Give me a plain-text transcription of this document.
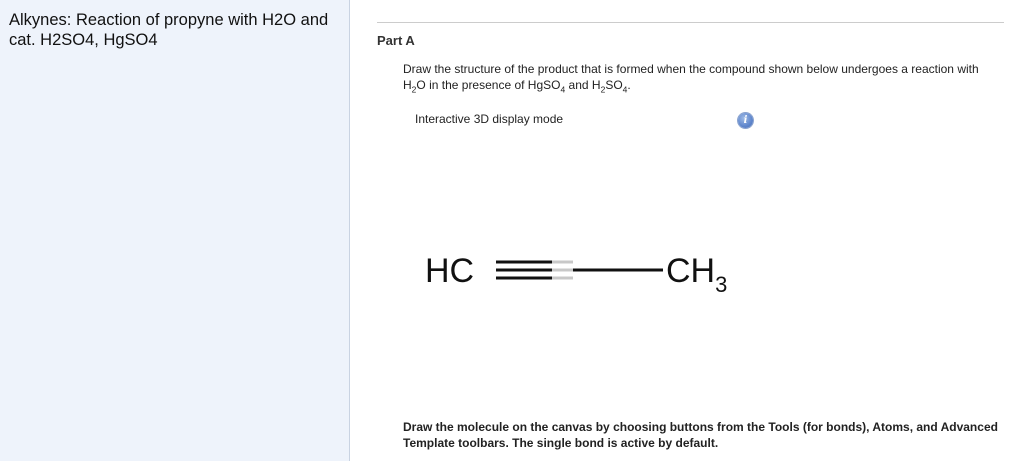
Alkynes: Reaction of propyne with H2O and cat. H2SO4, HgSO4	Part A
Draw the structure of the product that is formed when the compound shown below undergoes a reaction with $H_2O$ in the presence of HgSO$_4$ and $H_2SO_4$.
Interactive 3D display mode	i
HC	$CH_3$
Draw the molecule on the canvas by choosing buttons from the Tools (for bonds), Atoms, and Advanced Template toolbars. The single bond is active by default.
